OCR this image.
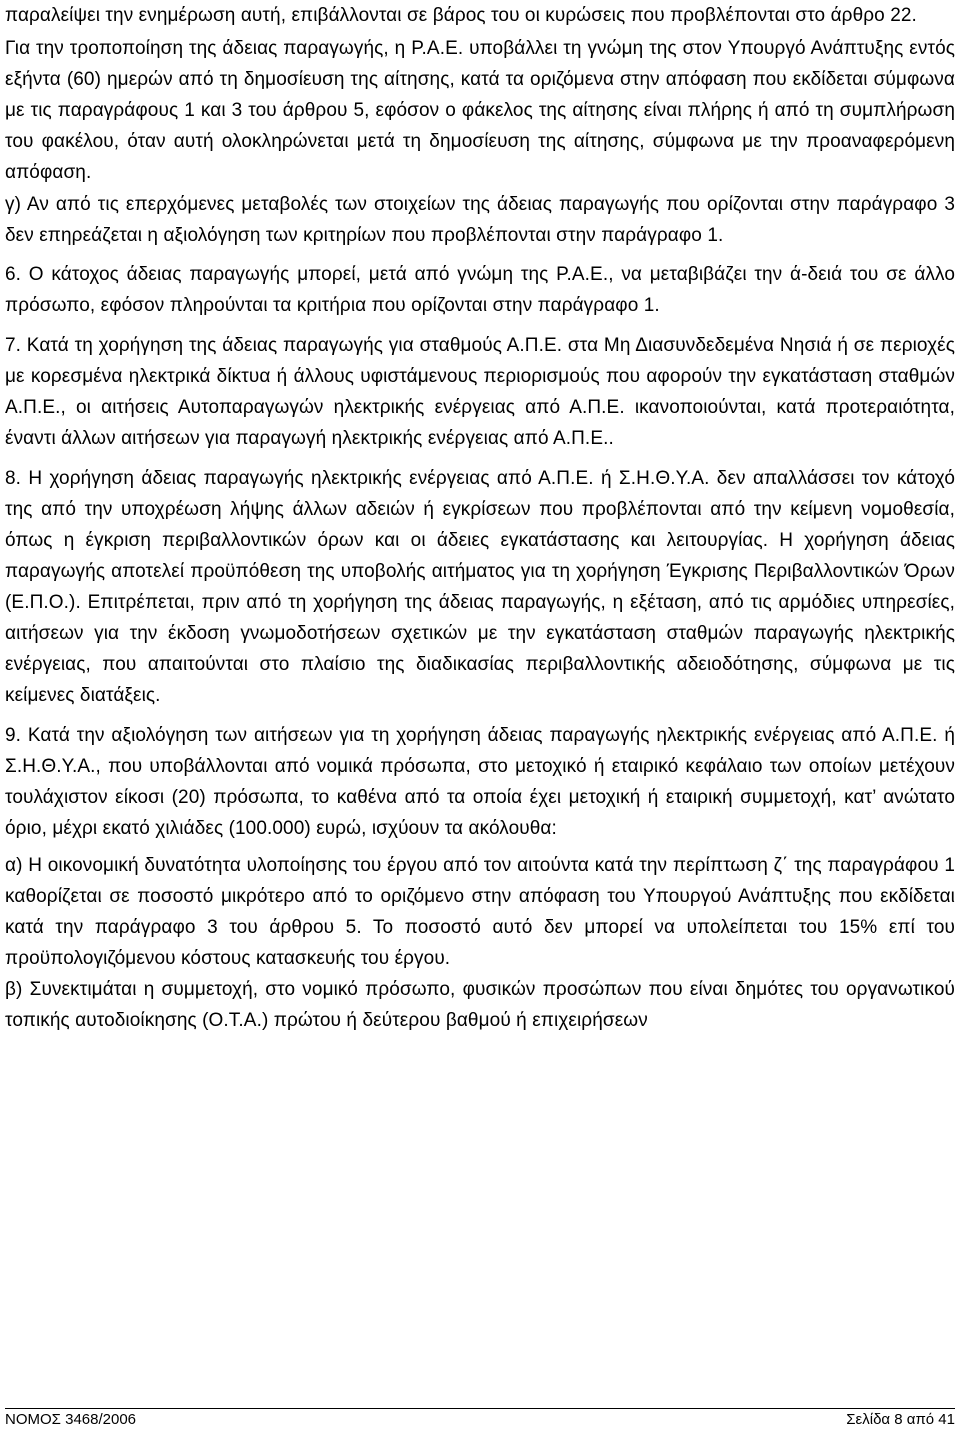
παραλείψει την ενημέρωση αυτή, επιβάλλονται σε βάρος του οι κυρώσεις που προβλέπονται στο άρθρο 22.

Για την τροποποίηση της άδειας παραγωγής, η Ρ.Α.Ε. υποβάλλει τη γνώμη της στον Υπουργό Ανάπτυξης εντός εξήντα (60) ημερών από τη δημοσίευση της αίτησης, κατά τα οριζόμενα στην απόφαση που εκδίδεται σύμφωνα με τις παραγράφους 1 και 3 του άρθρου 5, εφόσον ο φάκελος της αίτησης είναι πλήρης ή από τη συμπλήρωση του φακέλου, όταν αυτή ολοκληρώνεται μετά τη δημοσίευση της αίτησης, σύμφωνα με την προαναφερόμενη απόφαση.

γ) Αν από τις επερχόμενες μεταβολές των στοιχείων της άδειας παραγωγής που ορίζονται στην παράγραφο 3 δεν επηρεάζεται η αξιολόγηση των κριτηρίων που προβλέπονται στην παράγραφο 1.

6. Ο κάτοχος άδειας παραγωγής μπορεί, μετά από γνώμη της Ρ.Α.Ε., να μεταβιβάζει την ά-δειά του σε άλλο πρόσωπο, εφόσον πληρούνται τα κριτήρια που ορίζονται στην παράγραφο 1.

7. Κατά τη χορήγηση της άδειας παραγωγής για σταθμούς Α.Π.Ε. στα Μη Διασυνδεδεμένα Νησιά ή σε περιοχές με κορεσμένα ηλεκτρικά δίκτυα ή άλλους υφιστάμενους περιορισμούς που αφορούν την εγκατάσταση σταθμών Α.Π.Ε., οι αιτήσεις Αυτοπαραγωγών ηλεκτρικής ενέργειας από Α.Π.Ε. ικανοποιούνται, κατά προτεραιότητα, έναντι άλλων αιτήσεων για παραγωγή ηλεκτρικής ενέργειας από Α.Π.Ε..

8. Η χορήγηση άδειας παραγωγής ηλεκτρικής ενέργειας από Α.Π.Ε. ή Σ.Η.Θ.Υ.Α. δεν απαλλάσσει τον κάτοχό της από την υποχρέωση λήψης άλλων αδειών ή εγκρίσεων που προβλέπονται από την κείμενη νομοθεσία, όπως η έγκριση περιβαλλοντικών όρων και οι άδειες εγκατάστασης και λειτουργίας. Η χορήγηση άδειας παραγωγής αποτελεί προϋπόθεση της υποβολής αιτήματος για τη χορήγηση Έγκρισης Περιβαλλοντικών Όρων (Ε.Π.Ο.). Επιτρέπεται, πριν από τη χορήγηση της άδειας παραγωγής, η εξέταση, από τις αρμόδιες υπηρεσίες, αιτήσεων για την έκδοση γνωμοδοτήσεων σχετικών με την εγκατάσταση σταθμών παραγωγής ηλεκτρικής ενέργειας, που απαιτούνται στο πλαίσιο της διαδικασίας περιβαλλοντικής αδειοδότησης, σύμφωνα με τις κείμενες διατάξεις.

9. Κατά την αξιολόγηση των αιτήσεων για τη χορήγηση άδειας παραγωγής ηλεκτρικής ενέργειας από Α.Π.Ε. ή Σ.Η.Θ.Υ.Α., που υποβάλλονται από νομικά πρόσωπα, στο μετοχικό ή εταιρικό κεφάλαιο των οποίων μετέχουν τουλάχιστον είκοσι (20) πρόσωπα, το καθένα από τα οποία έχει μετοχική ή εταιρική συμμετοχή, κατ’ ανώτατο όριο, μέχρι εκατό χιλιάδες (100.000) ευρώ, ισχύουν τα ακόλουθα:

α) Η οικονομική δυνατότητα υλοποίησης του έργου από τον αιτούντα κατά την περίπτωση ζ΄ της παραγράφου 1 καθορίζεται σε ποσοστό μικρότερο από το οριζόμενο στην απόφαση του Υπουργού Ανάπτυξης που εκδίδεται κατά την παράγραφο 3 του άρθρου 5. Το ποσοστό αυτό δεν μπορεί να υπολείπεται του 15% επί του προϋπολογιζόμενου κόστους κατασκευής του έργου.

β) Συνεκτιμάται η συμμετοχή, στο νομικό πρόσωπο, φυσικών προσώπων που είναι δημότες του οργανωτικού τοπικής αυτοδιοίκησης (Ο.Τ.Α.) πρώτου ή δεύτερου βαθμού ή επιχειρήσεων

ΝΟΜΟΣ 3468/2006	Σελίδα 8 από 41
